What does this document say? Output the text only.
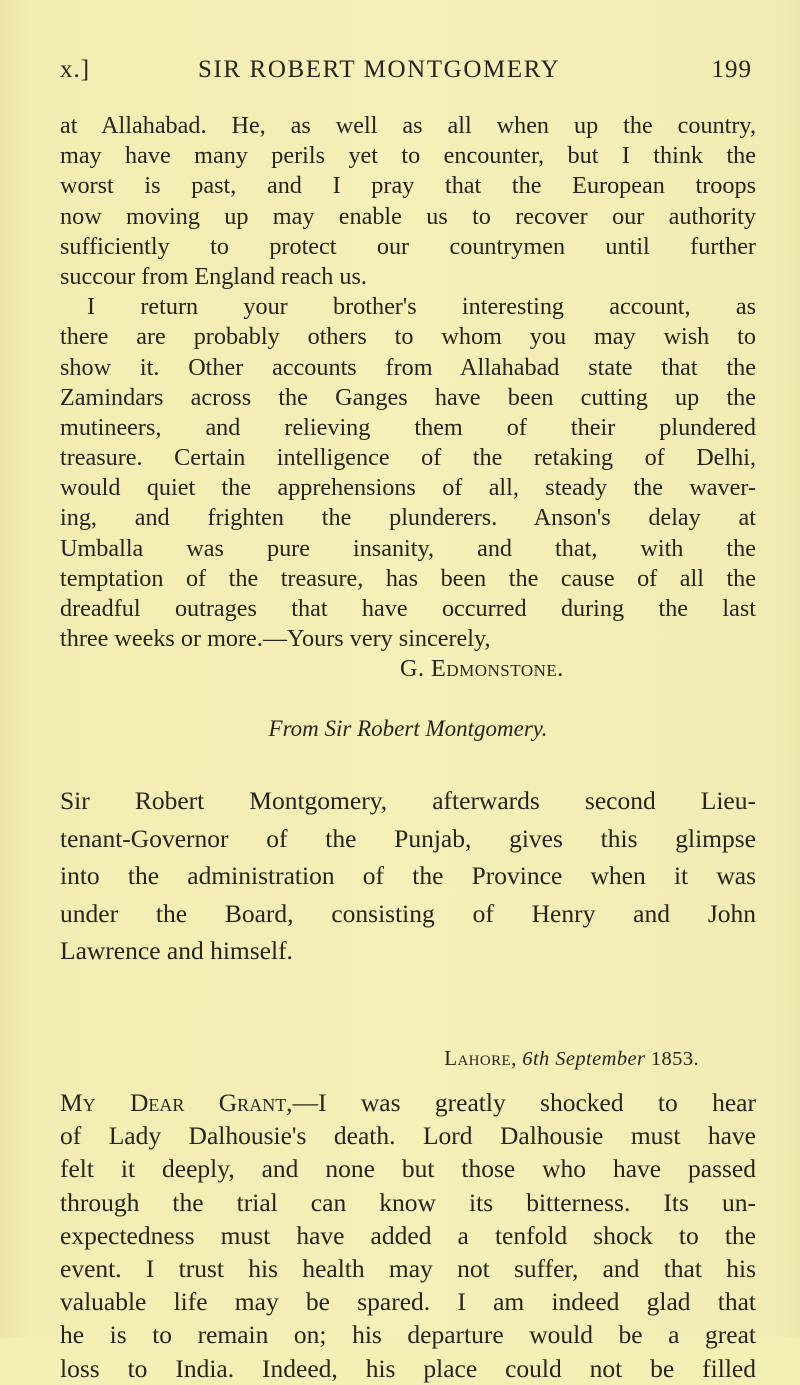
x.]	SIR ROBERT MONTGOMERY	199
at Allahabad. He, as well as all when up the country,
may have many perils yet to encounter, but I think the
worst is past, and I pray that the European troops
now moving up may enable us to recover our authority
sufficiently to protect our countrymen until further
succour from England reach us.
I return your brother's interesting account, as
there are probably others to whom you may wish to
show it. Other accounts from Allahabad state that the
Zamindars across the Ganges have been cutting up the
mutineers, and relieving them of their plundered
treasure. Certain intelligence of the retaking of Delhi,
would quiet the apprehensions of all, steady the waver-
ing, and frighten the plunderers. Anson's delay at
Umballa was pure insanity, and that, with the
temptation of the treasure, has been the cause of all the
dreadful outrages that have occurred during the last
three weeks or more.—Yours very sincerely,
G. Edmonstone.
From Sir Robert Montgomery.
Sir Robert Montgomery, afterwards second Lieu-
tenant-Governor of the Punjab, gives this glimpse
into the administration of the Province when it was
under the Board, consisting of Henry and John
Lawrence and himself.
Lahore, 6th September 1853.
My Dear Grant,—I was greatly shocked to hear
of Lady Dalhousie's death. Lord Dalhousie must have
felt it deeply, and none but those who have passed
through the trial can know its bitterness. Its un-
expectedness must have added a tenfold shock to the
event. I trust his health may not suffer, and that his
valuable life may be spared. I am indeed glad that
he is to remain on; his departure would be a great
loss to India. Indeed, his place could not be filled
